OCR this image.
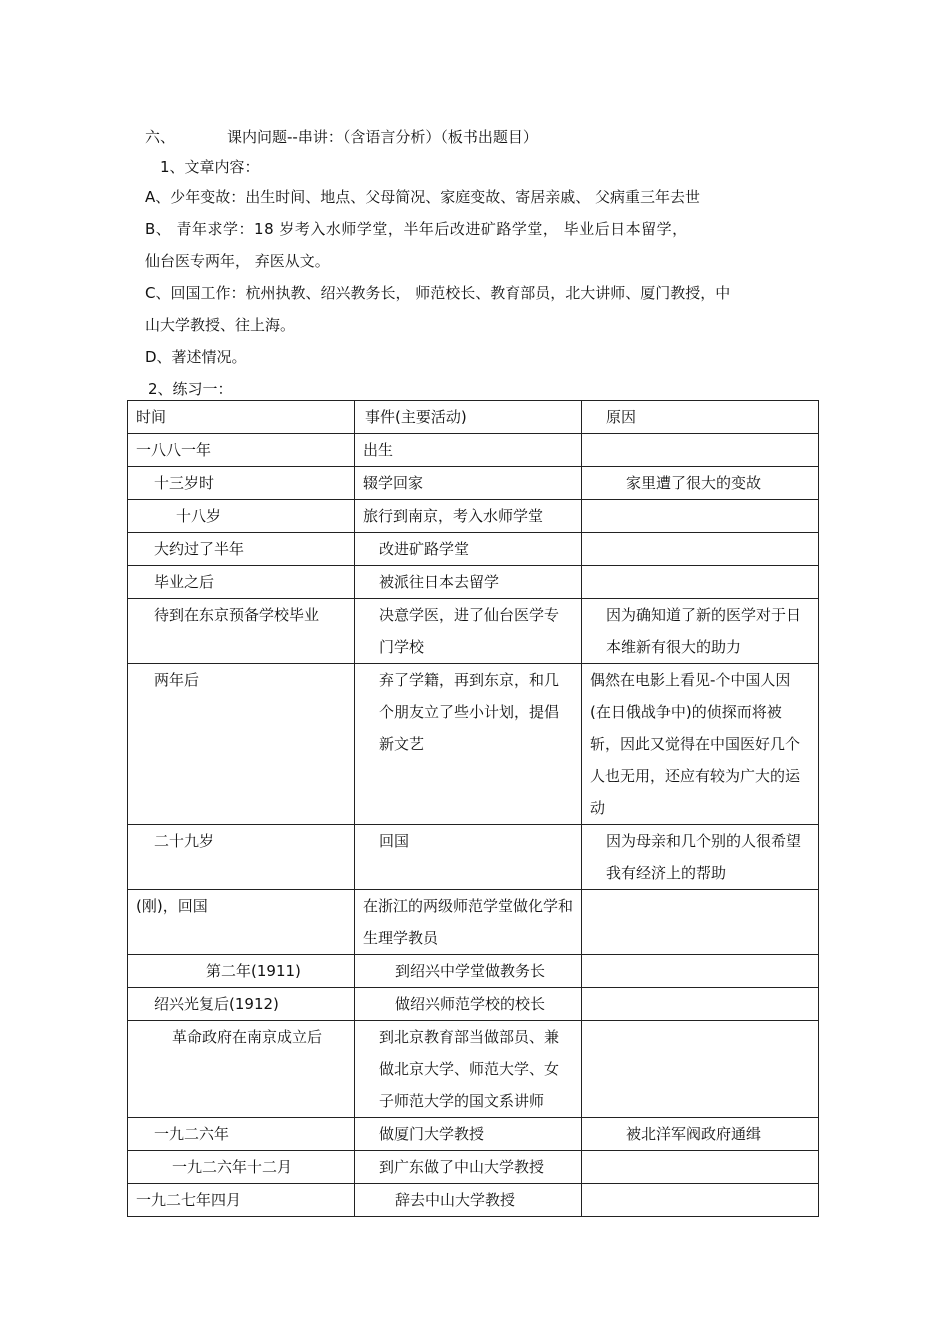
六、	课内问题--串讲：（含语言分析）（板书出题目）
1、文章内容：
A、少年变故：出生时间、地点、父母简况、家庭变故、寄居亲戚、 父病重三年去世
B、 青年求学：18 岁考入水师学堂，半年后改进矿路学堂， 毕业后日本留学，
仙台医专两年， 弃医从文。
C、回国工作：杭州执教、绍兴教务长， 师范校长、教育部员，北大讲师、厦门教授，中
山大学教授、往上海。
D、著述情况。
2、练习一：
时间	事件(主要活动)	原因

一八八一年	出生	

十三岁时	辍学回家	家里遭了很大的变故

十八岁	旅行到南京，考入水师学堂	

大约过了半年	改进矿路学堂	

毕业之后	被派往日本去留学	

待到在东京预备学校毕业	决意学医，进了仙台医学专门学校	因为确知道了新的医学对于日本维新有很大的助力

两年后	弃了学籍，再到东京，和几个朋友立了些小计划，提倡新文艺	偶然在电影上看见-个中国人因(在日俄战争中)的侦探而将被斩，因此又觉得在中国医好几个人也无用，还应有较为广大的运动

二十九岁	回国	因为母亲和几个别的人很希望我有经济上的帮助

(刚)，回国	在浙江的两级师范学堂做化学和生理学教员	

第二年(1911)	到绍兴中学堂做教务长	

绍兴光复后(1912)	做绍兴师范学校的校长	

革命政府在南京成立后	到北京教育部当做部员、兼做北京大学、师范大学、女子师范大学的国文系讲师	

一九二六年	做厦门大学教授	被北洋军阀政府通缉

一九二六年十二月	到广东做了中山大学教授	

一九二七年四月	辞去中山大学教授	
